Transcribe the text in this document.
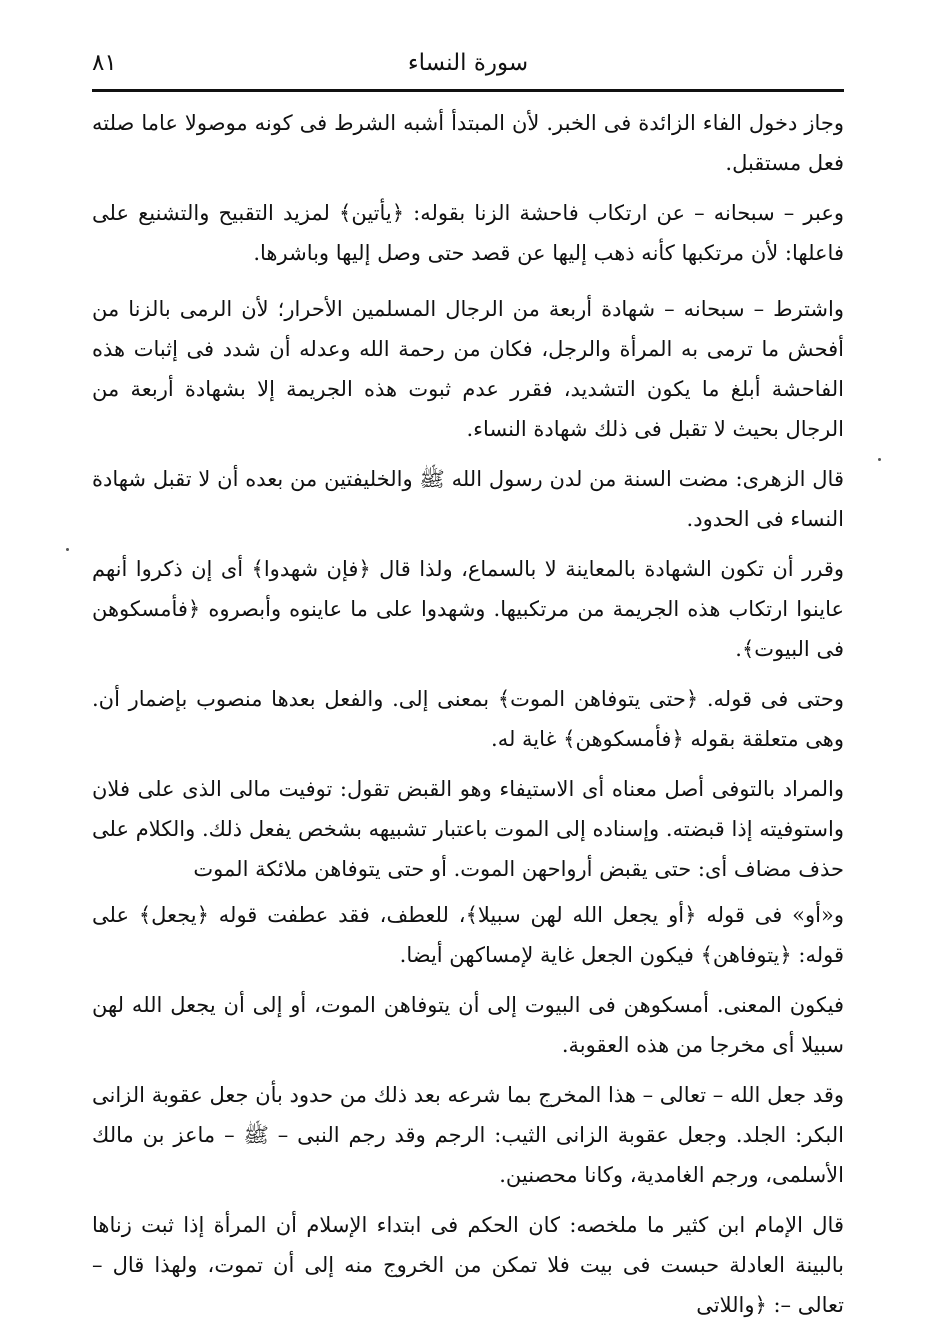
٨١	سورة النساء

وجاز دخول الفاء الزائدة فى الخبر. لأن المبتدأ أشبه الشرط فى كونه موصولا عاما صلته فعل مستقبل.

وعبر – سبحانه – عن ارتكاب فاحشة الزنا بقوله: ﴿يأتين﴾ لمزيد التقبيح والتشنيع على فاعلها: لأن مرتكبها كأنه ذهب إليها عن قصد حتى وصل إليها وباشرها.

واشترط – سبحانه – شهادة أربعة من الرجال المسلمين الأحرار؛ لأن الرمى بالزنا من أفحش ما ترمى به المرأة والرجل، فكان من رحمة الله وعدله أن شدد فى إثبات هذه الفاحشة أبلغ ما يكون التشديد، فقرر عدم ثبوت هذه الجريمة إلا بشهادة أربعة من الرجال بحيث لا تقبل فى ذلك شهادة النساء.

قال الزهرى: مضت السنة من لدن رسول الله ﷺ والخليفتين من بعده أن لا تقبل شهادة النساء فى الحدود.

وقرر أن تكون الشهادة بالمعاينة لا بالسماع، ولذا قال ﴿فإن شهدوا﴾ أى إن ذكروا أنهم عاينوا ارتكاب هذه الجريمة من مرتكبيها. وشهدوا على ما عاينوه وأبصروه ﴿فأمسكوهن فى البيوت﴾.

وحتى فى قوله. ﴿حتى يتوفاهن الموت﴾ بمعنى إلى. والفعل بعدها منصوب بإضمار أن. وهى متعلقة بقوله ﴿فأمسكوهن﴾ غاية له.

والمراد بالتوفى أصل معناه أى الاستيفاء وهو القبض تقول: توفيت مالى الذى على فلان واستوفيته إذا قبضته. وإسناده إلى الموت باعتبار تشبيهه بشخص يفعل ذلك. والكلام على حذف مضاف أى: حتى يقبض أرواحهن الموت. أو حتى يتوفاهن ملائكة الموت

و«أو» فى قوله ﴿أو يجعل الله لهن سبيلا﴾، للعطف، فقد عطفت قوله ﴿يجعل﴾ على قوله: ﴿يتوفاهن﴾ فيكون الجعل غاية لإمساكهن أيضا.

فيكون المعنى. أمسكوهن فى البيوت إلى أن يتوفاهن الموت، أو إلى أن يجعل الله لهن سبيلا أى مخرجا من هذه العقوبة.

وقد جعل الله – تعالى – هذا المخرج بما شرعه بعد ذلك من حدود بأن جعل عقوبة الزانى البكر: الجلد. وجعل عقوبة الزانى الثيب: الرجم وقد رجم النبى – ﷺ – ماعز بن مالك الأسلمى، ورجم الغامدية، وكانا محصنين.

قال الإمام ابن كثير ما ملخصه: كان الحكم فى ابتداء الإسلام أن المرأة إذا ثبت زناها بالبينة العادلة حبست فى بيت فلا تمكن من الخروج منه إلى أن تموت، ولهذا قال – تعالى –: ﴿واللاتى
